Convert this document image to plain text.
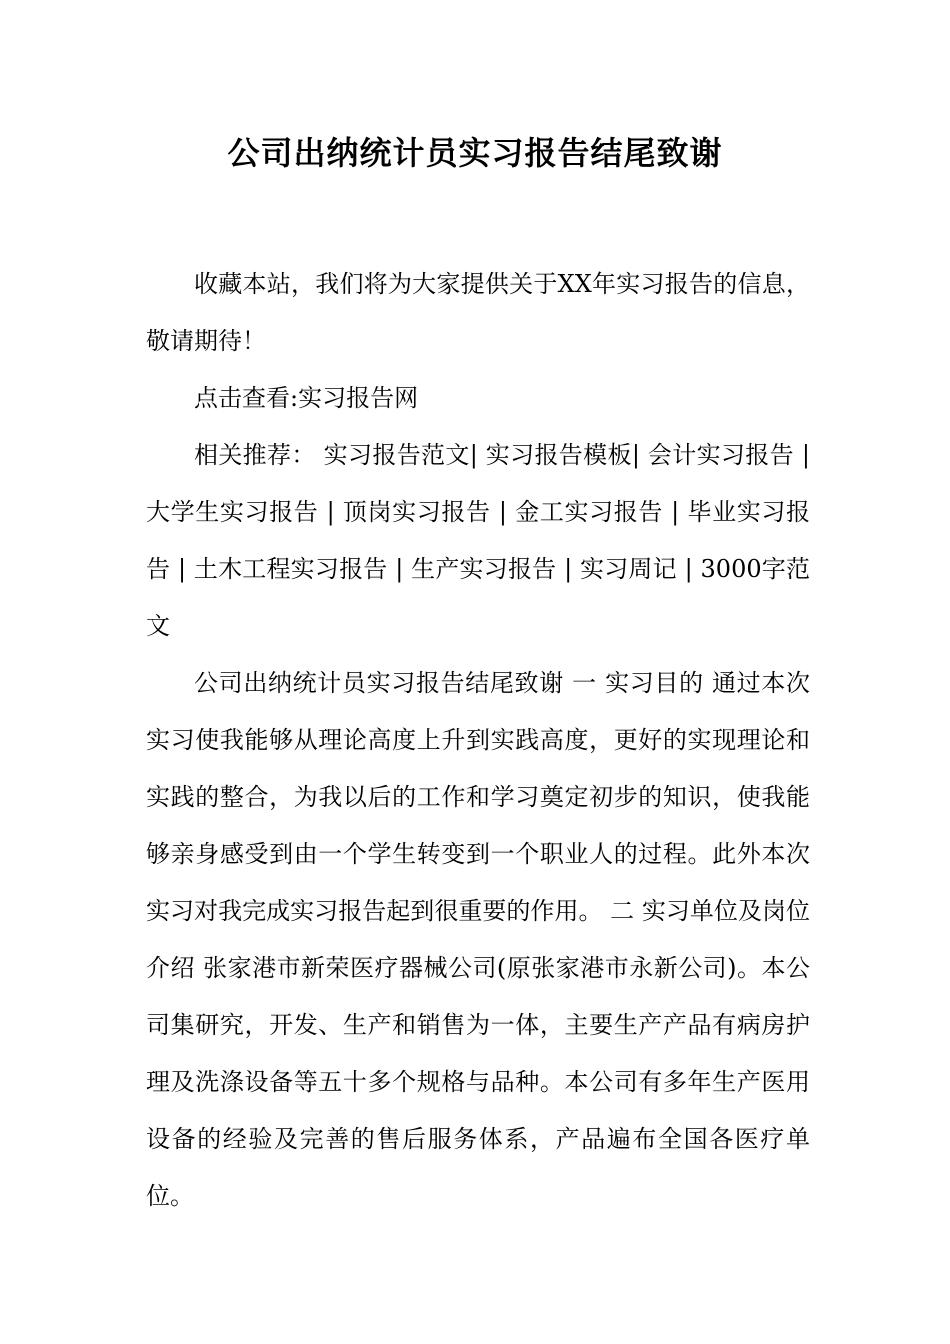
公司出纳统计员实习报告结尾致谢

收藏本站，我们将为大家提供关于XX年实习报告的信息，敬请期待！

点击查看:实习报告网

相关推荐： 实习报告范文| 实习报告模板| 会计实习报告 | 大学生实习报告 | 顶岗实习报告 | 金工实习报告 | 毕业实习报告 | 土木工程实习报告 | 生产实习报告 | 实习周记 | 3000字范文

公司出纳统计员实习报告结尾致谢 一 实习目的 通过本次实习使我能够从理论高度上升到实践高度，更好的实现理论和实践的整合，为我以后的工作和学习奠定初步的知识，使我能够亲身感受到由一个学生转变到一个职业人的过程。此外本次实习对我完成实习报告起到很重要的作用。 二 实习单位及岗位介绍 张家港市新荣医疗器械公司(原张家港市永新公司)。本公司集研究，开发、生产和销售为一体，主要生产产品有病房护理及洗涤设备等五十多个规格与品种。本公司有多年生产医用设备的经验及完善的售后服务体系，产品遍布全国各医疗单位。
